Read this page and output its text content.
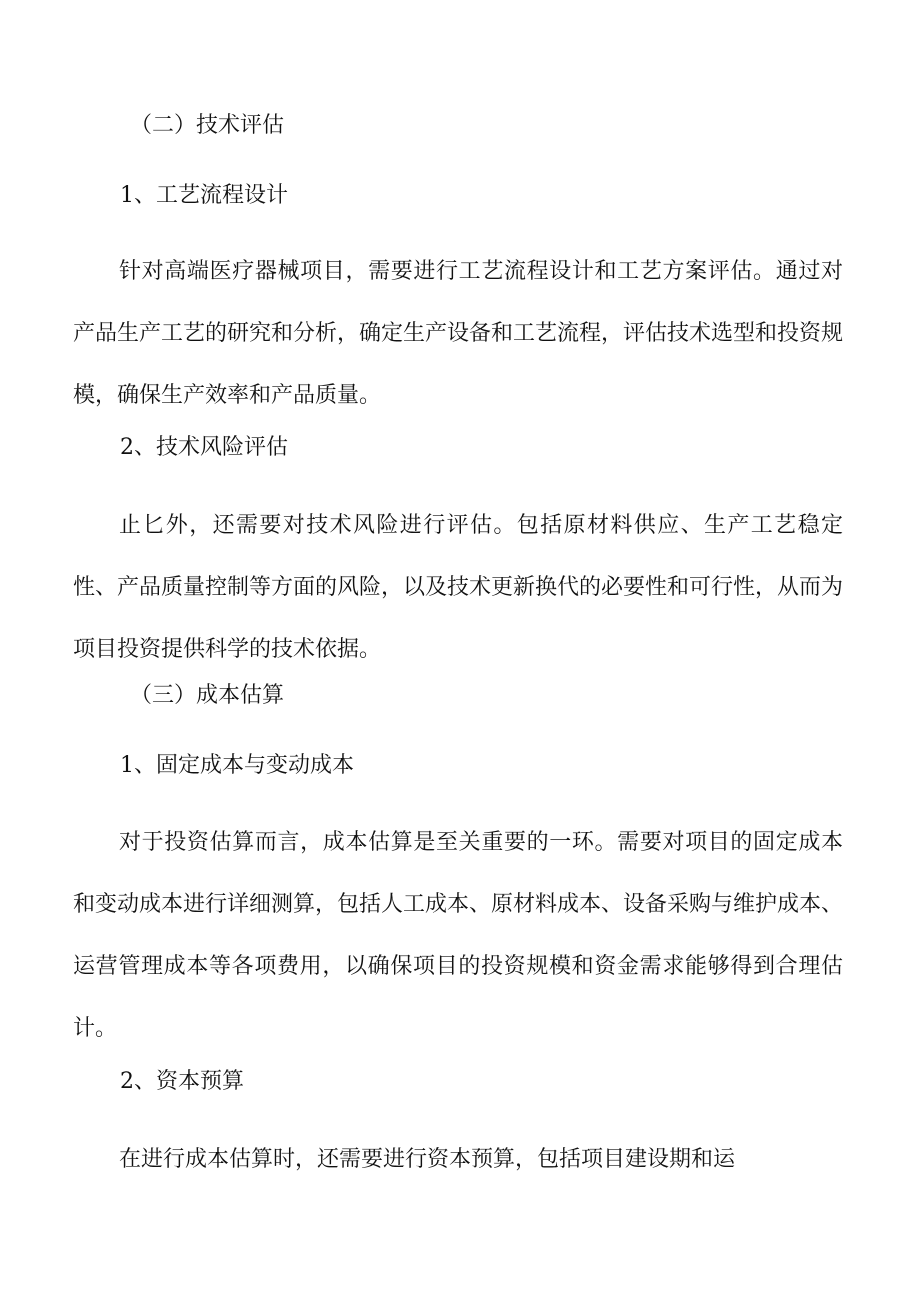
（二）技术评估
1、工艺流程设计
针对高端医疗器械项目，需要进行工艺流程设计和工艺方案评估。通过对产品生产工艺的研究和分析，确定生产设备和工艺流程，评估技术选型和投资规模，确保生产效率和产品质量。
2、技术风险评估
止匕外，还需要对技术风险进行评估。包括原材料供应、生产工艺稳定性、产品质量控制等方面的风险，以及技术更新换代的必要性和可行性，从而为项目投资提供科学的技术依据。
（三）成本估算
1、固定成本与变动成本
对于投资估算而言，成本估算是至关重要的一环。需要对项目的固定成本和变动成本进行详细测算，包括人工成本、原材料成本、设备采购与维护成本、运营管理成本等各项费用，以确保项目的投资规模和资金需求能够得到合理估计。
2、资本预算
在进行成本估算时，还需要进行资本预算，包括项目建设期和运
